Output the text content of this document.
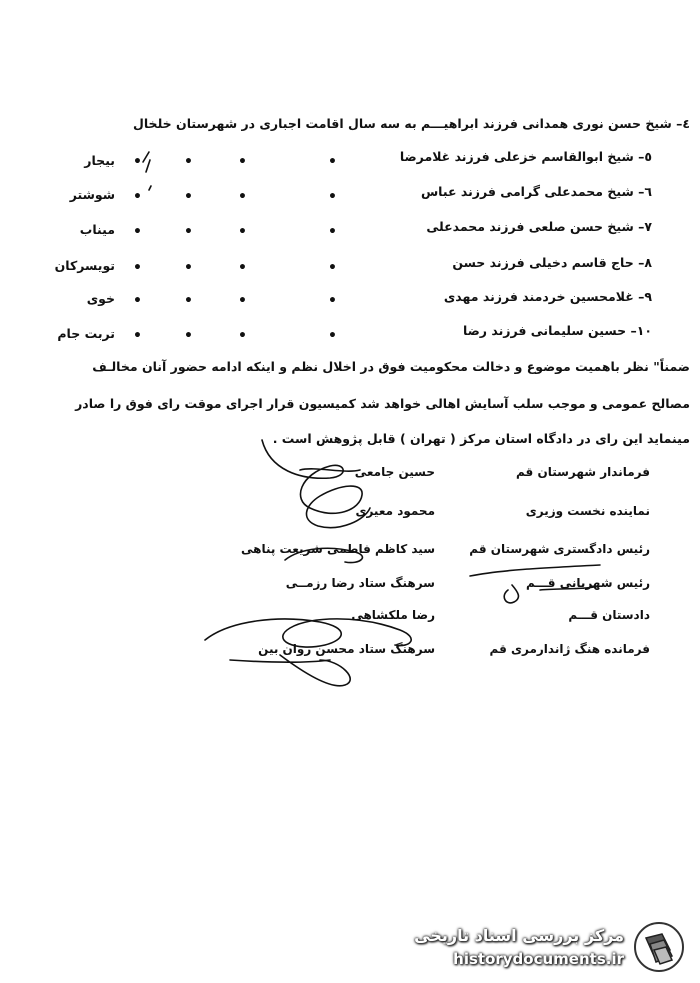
٤– شیخ حسن نوری همدانی فرزند ابراهیـــم به سه سال اقامت اجباری در شهرستان خلخال
٥– شیخ ابوالقاسم خزعلی فرزند غلامرضا
بیجار
٦– شیخ محمدعلی گرامی فرزند عباس
شوشتر
٧– شیخ حسن صلعی فرزند محمدعلی
میناب
٨– حاج قاسم دخیلی فرزند حسن
تویسرکان
٩– غلامحسین خردمند فرزند مهدی
خوی
١٠– حسین سلیمانی فرزند رضا
تربت جام
•
•
•
•
•
•
•
•
•
•
•
•
•
•
•
•
•
•
•
•
•
•
•
•
ضمناً" نظر باهمیت موضوع و دخالت محکومیت فوق در اخلال نظم و اینکه ادامه حضور آنان مخالـف
مصالح عمومی و موجب سلب آسایش اهالی خواهد شد کمیسیون قرار اجرای موقت رای فوق را صادر
مینماید این رای در دادگاه استان مرکز ( تهران ) قابل پژوهش است .
فرماندار شهرستان قم
حسین جامعی
نماینده نخست وزیری
محمود معیری
رئیس دادگستری شهرستان قم
سید کاظم فاطمی شریعت پناهی
رئیس شهربانی قـــم
سرهنگ ستاد رضا رزمــی
دادستان قـــم
رضا ملکشاهی
فرمانده هنگ ژاندارمری قم
سرهنگ ستاد محسن روان بین
مرکز بررسی اسناد تاریخی
historydocuments.ir
